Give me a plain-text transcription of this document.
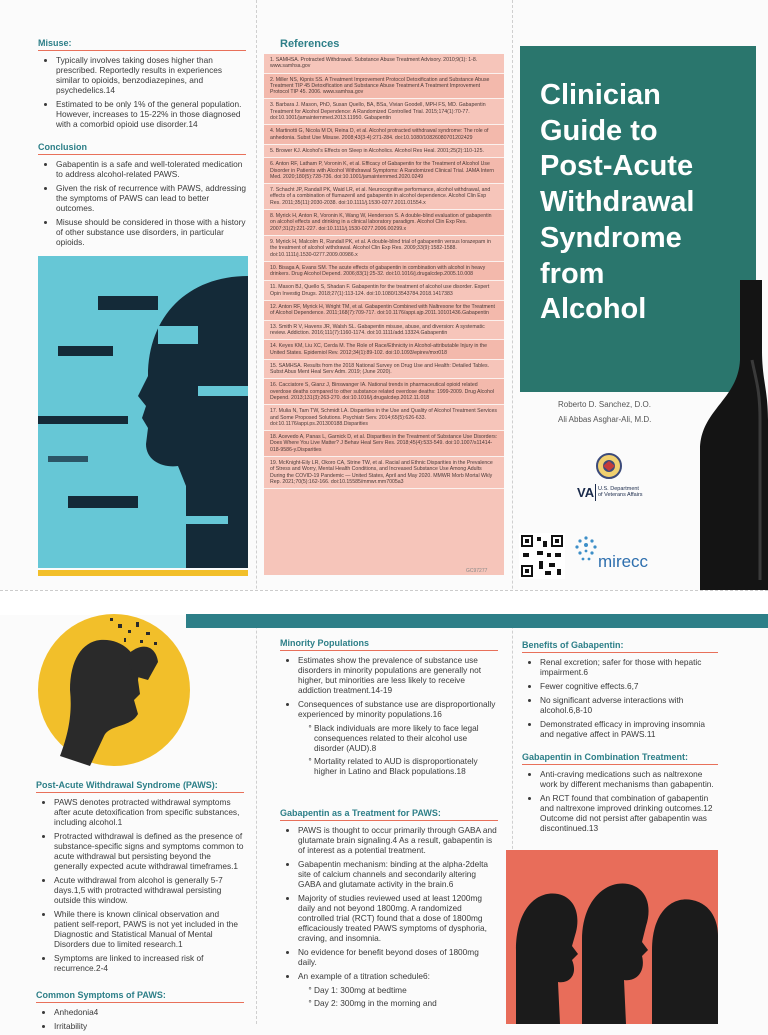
Misuse:
• Typically involves taking doses higher than prescribed. Reportedly results in experiences similar to opioids, benzodiazepines, and psychedelics.14
• Estimated to be only 1% of the general population. However, increases to 15-22% in those diagnosed with a comorbid opioid use disorder.14
Conclusion
• Gabapentin is a safe and well-tolerated medication to address alcohol-related PAWS.
• Given the risk of recurrence with PAWS, addressing the symptoms of PAWS can lead to better outcomes.
• Misuse should be considered in those with a history of other substance use disorders, in particular opioids.
References
1. SAMHSA. Protracted Withdrawal. Substance Abuse Treatment Advisory. 2010;9(1): 1-8. www.samhsa.gov
2. Miller NS, Kipnis SS. A Treatment Improvement Protocol Detoxification and Substance Abuse Treatment TIP 45 Detoxification and Substance Abuse Treatment A Treatment Improvement Protocol TIP 45. 2006. www.samhsa.gov
3. Barbara J. Mason, PhD, Susan Quello, BA, BSa, Vivian Goodell, MPH FS, MD. Gabapentin Treatment for Alcohol Dependence: A Randomized Controlled Trial. 2015;174(1):70-77. doi:10.1001/jamainternmed.2013.11950. Gabapentin
4. Martinotti G, Nicola M Di, Reina D, et al. Alcohol protracted withdrawal syndrome: The role of anhedonia. Subst Use Misuse. 2008;43(3-4):271-284. doi:10.1080/10826080701202429
5. Brower KJ. Alcohol's Effects on Sleep in Alcoholics. Alcohol Res Heal. 2001;25(2):110-125.
6. Anton RF, Latham P, Voronin K, et al. Efficacy of Gabapentin for the Treatment of Alcohol Use Disorder in Patients with Alcohol Withdrawal Symptoms: A Randomized Clinical Trial. JAMA Intern Med. 2020;180(5):728-736. doi:10.1001/jamainternmed.2020.0249
7. Schacht JP, Randall PK, Waid LR, et al. Neurocognitive performance, alcohol withdrawal, and effects of a combination of flumazenil and gabapentin in alcohol dependence. Alcohol Clin Exp Res. 2011;35(11):2030-2038. doi:10.1111/j.1530-0277.2011.01554.x
8. Myrick H, Anton R, Voronin K, Wang W, Henderson S. A double-blind evaluation of gabapentin on alcohol effects and drinking in a clinical laboratory paradigm. Alcohol Clin Exp Res. 2007;31(2):221-227. doi:10.1111/j.1530-0277.2006.00299.x
9. Myrick H, Malcolm R, Randall PK, et al. A double-blind trial of gabapentin versus lorazepam in the treatment of alcohol withdrawal. Alcohol Clin Exp Res. 2009;33(9):1582-1588. doi:10.1111/j.1530-0277.2009.00986.x
10. Bisaga A, Evans SM. The acute effects of gabapentin in combination with alcohol in heavy drinkers. Drug Alcohol Depend. 2006;83(1):25-32. doi:10.1016/j.drugalcdep.2005.10.008
11. Mason BJ, Quello S, Shadan F. Gabapentin for the treatment of alcohol use disorder. Expert Opin Investig Drugs. 2018;27(1):113-124. doi:10.1080/13543784.2018.1417383
12. Anton RF, Myrick H, Wright TM, et al. Gabapentin Combined with Naltrexone for the Treatment of Alcohol Dependence. 2011;168(7):709-717. doi:10.1176/appi.ajp.2011.10101436.Gabapentin
13. Smith R V, Havens JR, Walsh SL. Gabapentin misuse, abuse, and diversion: A systematic review. Addiction. 2016;111(7):1160-1174. doi:10.1111/add.13324.Gabapentin
14. Keyes KM, Liu XC, Cerda M. The Role of Race/Ethnicity in Alcohol-attributable Injury in the United States. Epidemiol Rev. 2012;34(1):89-102. doi:10.1093/epirev/mxr018
15. SAMHSA. Results from the 2018 National Survey on Drug Use and Health: Detailed Tables. Subst Abus Ment Heal Serv Adm. 2019; (June 2020).
16. Cacciatore S, Gianz J, Binswanger IA. National trends in pharmaceutical opioid related overdose deaths compared to other substance related overdose deaths: 1999-2009. Drug Alcohol Depend. 2013;131(3):263-270. doi:10.1016/j.drugalcdep.2012.11.018
17. Mulia N, Tam TW, Schmidt LA. Disparities in the Use and Quality of Alcohol Treatment Services and Some Proposed Solutions. Psychiatr Serv. 2014;65(5):626-633. doi:10.1176/appi.ps.201300188.Disparities
18. Acevedo A, Panas L, Garnick D, et al. Disparities in the Treatment of Substance Use Disorders: Does Where You Live Matter? J Behav Heal Serv Res. 2018;45(4):533-549. doi:10.1007/s11414-018-9586-y.Disparities
19. McKnight-Eily LR, Okoro CA, Strine TW, et al. Racial and Ethnic Disparities in the Prevalence of Stress and Worry, Mental Health Conditions, and Increased Substance Use Among Adults During the COVID-19 Pandemic — United States, April and May 2020. MMWR Morb Mortal Wkly Rep. 2021;70(5):162-166. doi:10.15585/mmwr.mm7005a3
GC97277
Clinician
Guide to
Post-Acute
Withdrawal
Syndrome
from
Alcohol
Roberto D. Sanchez, D.O.
Ali Abbas Asghar-Ali, M.D.
VA U.S. Department
of Veterans Affairs
mirecc
Post-Acute Withdrawal Syndrome (PAWS):
• PAWS denotes protracted withdrawal symptoms after acute detoxification from specific substances, including alcohol.1
• Protracted withdrawal is defined as the presence of substance-specific signs and symptoms common to acute withdrawal but persisting beyond the generally expected acute withdrawal timeframes.1
• Acute withdrawal from alcohol is generally 5-7 days.1,5 with protracted withdrawal persisting outside this window.
• While there is known clinical observation and patient self-report, PAWS is not yet included in the Diagnostic and Statistical Manual of Mental Disorders due to limited research.1
• Symptoms are linked to increased risk of recurrence.2-4
Common Symptoms of PAWS:
• Anhedonia4
• Irritability
Minority Populations
• Estimates show the prevalence of substance use disorders in minority populations are generally not higher, but minorities are less likely to receive addiction treatment.14-19
• Consequences of substance use are disproportionally experienced by minority populations.16
° Black individuals are more likely to face legal consequences related to their alcohol use disorder (AUD).8
° Mortality related to AUD is disproportionately higher in Latino and Black populations.18
Gabapentin as a Treatment for PAWS:
• PAWS is thought to occur primarily through GABA and glutamate brain signaling.4 As a result, gabapentin is of interest as a potential treatment.
• Gabapentin mechanism: binding at the alpha-2delta site of calcium channels and secondarily altering GABA and glutamate activity in the brain.6
• Majority of studies reviewed used at least 1200mg daily and not beyond 1800mg. A randomized controlled trial (RCT) found that a dose of 1800mg efficaciously treated PAWS symptoms of dysphoria, craving, and insomnia.
• No evidence for benefit beyond doses of 1800mg daily.
• An example of a titration schedule6:
° Day 1: 300mg at bedtime
° Day 2: 300mg in the morning and
Benefits of Gabapentin:
• Renal excretion; safer for those with hepatic impairment.6
• Fewer cognitive effects.6,7
• No significant adverse interactions with alcohol.6,8-10
• Demonstrated efficacy in improving insomnia and negative affect in PAWS.11
Gabapentin in Combination Treatment:
• Anti-craving medications such as naltrexone work by different mechanisms than gabapentin.
• An RCT found that combination of gabapentin and naltrexone improved drinking outcomes.12 Outcome did not persist after gabapentin was discontinued.13
